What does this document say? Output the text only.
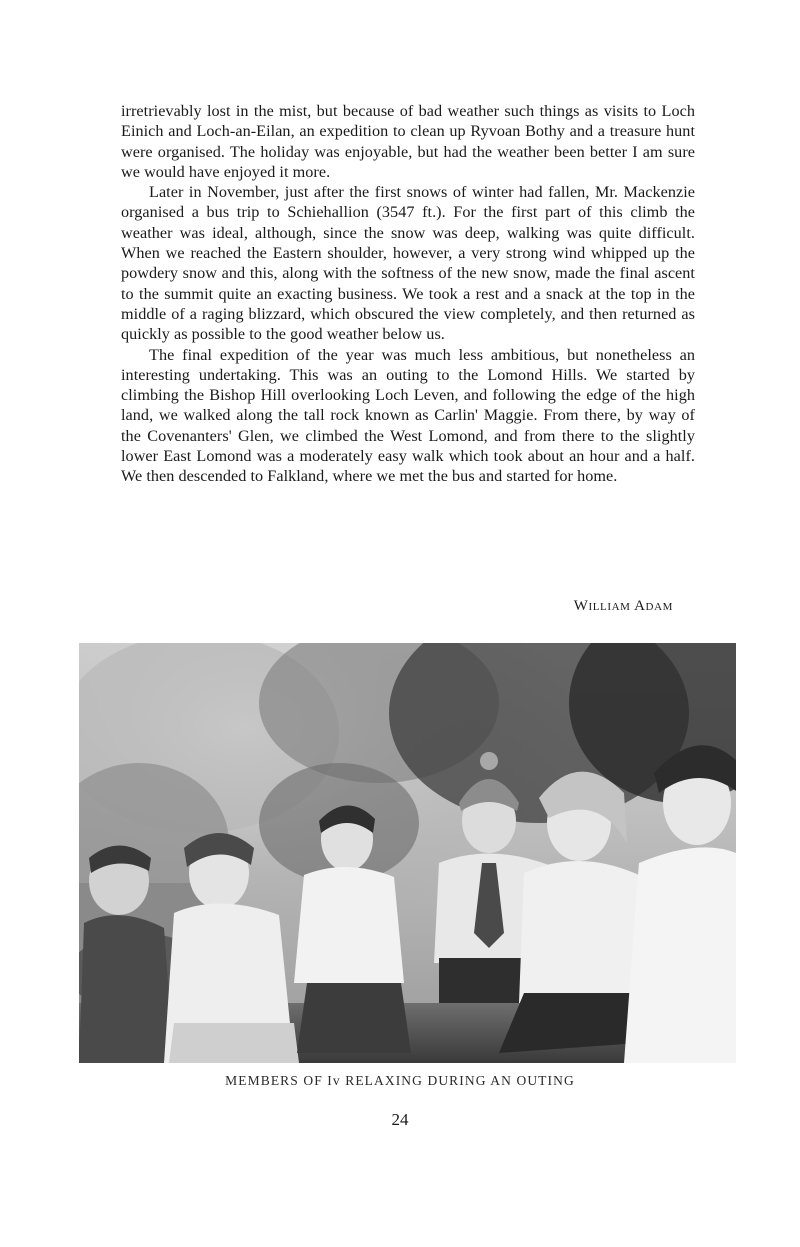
irretrievably lost in the mist, but because of bad weather such things as visits to Loch Einich and Loch-an-Eilan, an expedition to clean up Ryvoan Bothy and a treasure hunt were organised. The holiday was enjoyable, but had the weather been better I am sure we would have enjoyed it more.

Later in November, just after the first snows of winter had fallen, Mr. Mackenzie organised a bus trip to Schiehallion (3547 ft.). For the first part of this climb the weather was ideal, although, since the snow was deep, walking was quite difficult. When we reached the Eastern shoulder, however, a very strong wind whipped up the powdery snow and this, along with the softness of the new snow, made the final ascent to the summit quite an exacting business. We took a rest and a snack at the top in the middle of a raging blizzard, which obscured the view completely, and then returned as quickly as possible to the good weather below us.

The final expedition of the year was much less ambitious, but nonetheless an interesting undertaking. This was an outing to the Lomond Hills. We started by climbing the Bishop Hill overlooking Loch Leven, and following the edge of the high land, we walked along the tall rock known as Carlin' Maggie. From there, by way of the Covenanters' Glen, we climbed the West Lomond, and from there to the slightly lower East Lomond was a moderately easy walk which took about an hour and a half. We then descended to Falkland, where we met the bus and started for home.

William Adam
MEMBERS OF Iv RELAXING DURING AN OUTING
24
